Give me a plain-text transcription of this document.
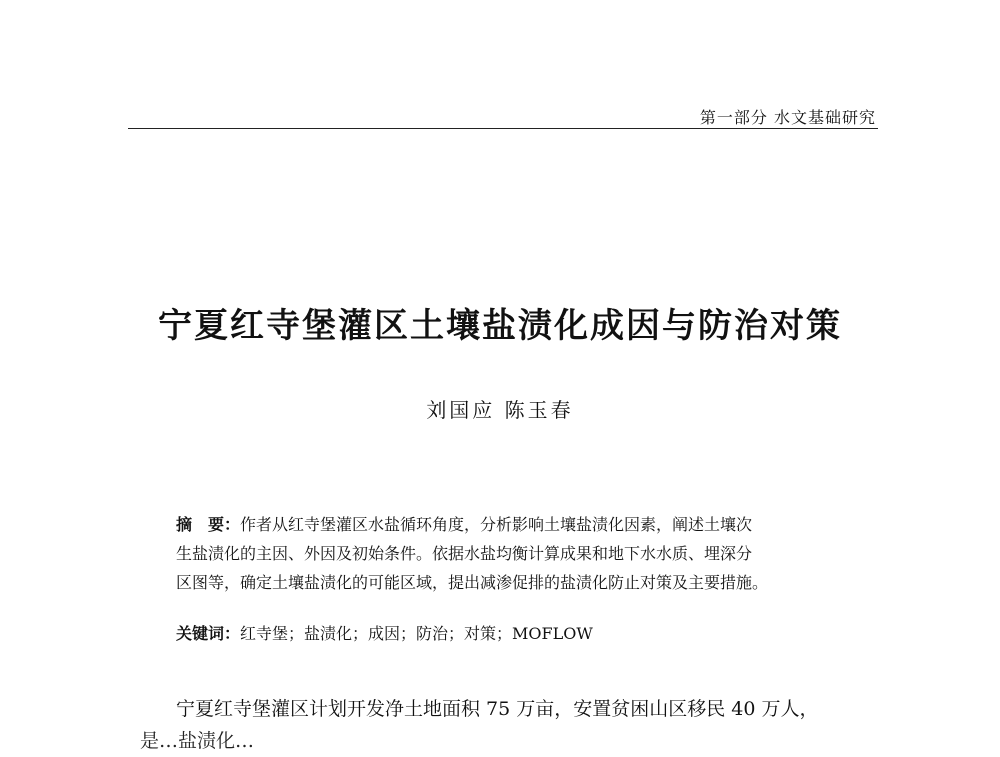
第一部分 水文基础研究
宁夏红寺堡灌区土壤盐渍化成因与防治对策
刘国应 陈玉春
摘　要：作者从红寺堡灌区水盐循环角度，分析影响土壤盐渍化因素，阐述土壤次
生盐渍化的主因、外因及初始条件。依据水盐均衡计算成果和地下水水质、埋深分
区图等，确定土壤盐渍化的可能区域，提出减渗促排的盐渍化防止对策及主要措施。
关键词：红寺堡；盐渍化；成因；防治；对策；MOFLOW
宁夏红寺堡灌区计划开发净土地面积 75 万亩，安置贫困山区移民 40 万人，
是…盐渍化…
